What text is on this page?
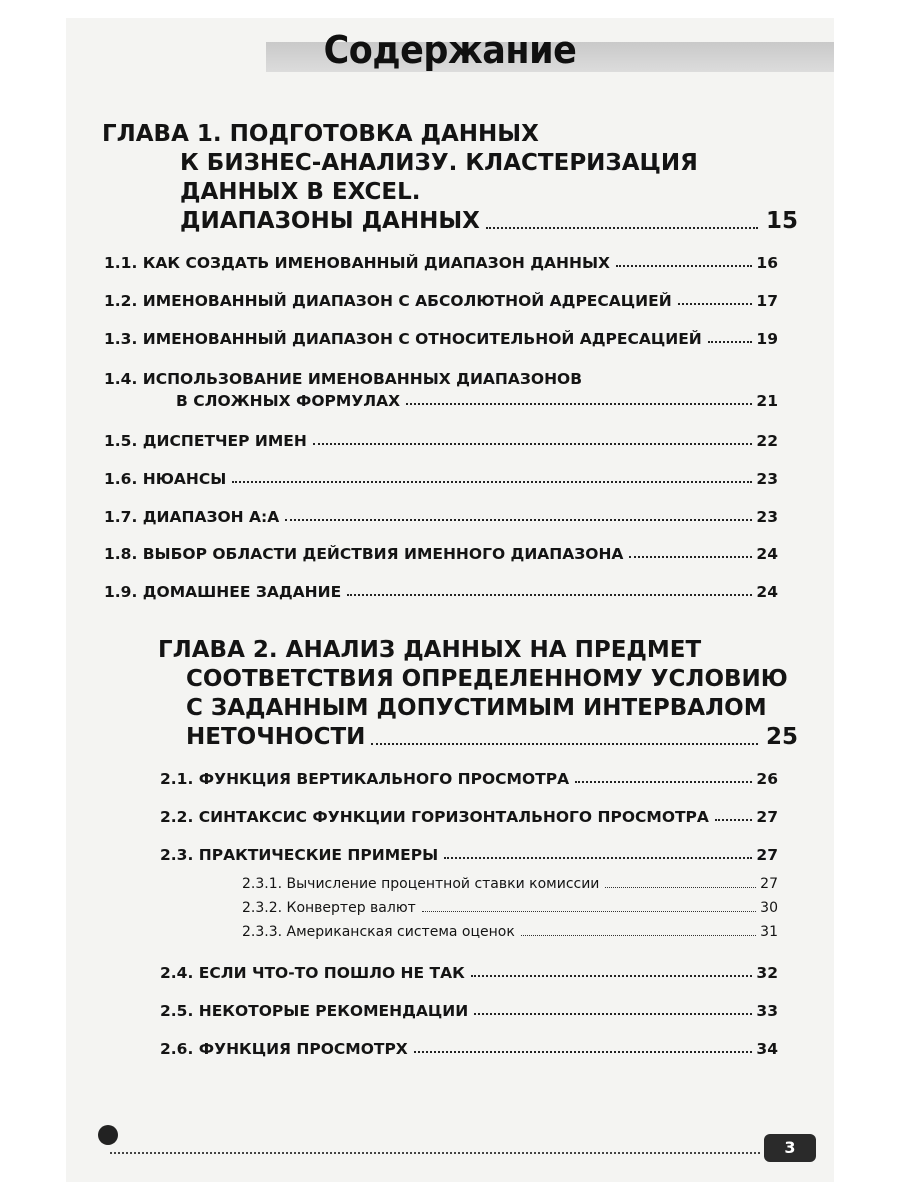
Содержание
ГЛАВА 1. ПОДГОТОВКА ДАННЫХ
К БИЗНЕС-АНАЛИЗУ. КЛАСТЕРИЗАЦИЯ
ДАННЫХ В EXCEL.
ДИАПАЗОНЫ ДАННЫХ	15
1.1. КАК СОЗДАТЬ ИМЕНОВАННЫЙ ДИАПАЗОН ДАННЫХ	16
1.2. ИМЕНОВАННЫЙ ДИАПАЗОН С АБСОЛЮТНОЙ АДРЕСАЦИЕЙ	17
1.3. ИМЕНОВАННЫЙ ДИАПАЗОН С ОТНОСИТЕЛЬНОЙ АДРЕСАЦИЕЙ	19
1.4. ИСПОЛЬЗОВАНИЕ ИМЕНОВАННЫХ ДИАПАЗОНОВ
В СЛОЖНЫХ ФОРМУЛАХ	21
1.5. ДИСПЕТЧЕР ИМЕН	22
1.6. НЮАНСЫ	23
1.7. ДИАПАЗОН А:А	23
1.8. ВЫБОР ОБЛАСТИ ДЕЙСТВИЯ ИМЕННОГО ДИАПАЗОНА	24
1.9. ДОМАШНЕЕ ЗАДАНИЕ	24
ГЛАВА 2. АНАЛИЗ ДАННЫХ НА ПРЕДМЕТ
СООТВЕТСТВИЯ ОПРЕДЕЛЕННОМУ УСЛОВИЮ
С ЗАДАННЫМ ДОПУСТИМЫМ ИНТЕРВАЛОМ
НЕТОЧНОСТИ	25
2.1. ФУНКЦИЯ ВЕРТИКАЛЬНОГО ПРОСМОТРА	26
2.2. СИНТАКСИС ФУНКЦИИ ГОРИЗОНТАЛЬНОГО ПРОСМОТРА	27
2.3. ПРАКТИЧЕСКИЕ ПРИМЕРЫ	27
2.3.1. Вычисление процентной ставки комиссии	27
2.3.2. Конвертер валют	30
2.3.3. Американская система оценок	31
2.4. ЕСЛИ ЧТО-ТО ПОШЛО НЕ ТАК	32
2.5. НЕКОТОРЫЕ РЕКОМЕНДАЦИИ	33
2.6. ФУНКЦИЯ ПРОСМОТРХ	34
3
